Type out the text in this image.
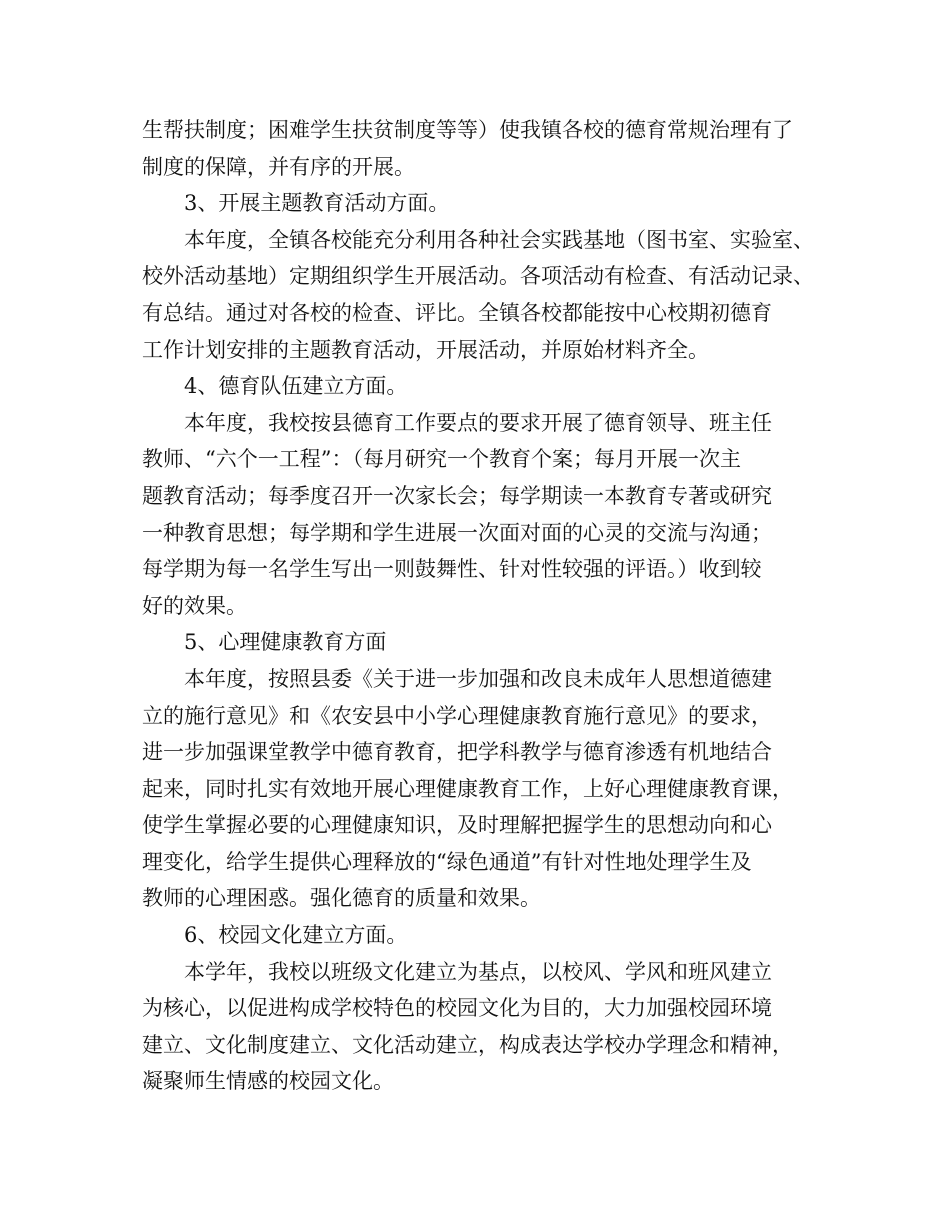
生帮扶制度；困难学生扶贫制度等等）使我镇各校的德育常规治理有了
制度的保障，并有序的开展。
3、开展主题教育活动方面。
本年度，全镇各校能充分利用各种社会实践基地（图书室、实验室、
校外活动基地）定期组织学生开展活动。各项活动有检查、有活动记录、
有总结。通过对各校的检查、评比。全镇各校都能按中心校期初德育
工作计划安排的主题教育活动，开展活动，并原始材料齐全。
4、德育队伍建立方面。
本年度，我校按县德育工作要点的要求开展了德育领导、班主任
教师、“六个一工程”：（每月研究一个教育个案；每月开展一次主
题教育活动；每季度召开一次家长会；每学期读一本教育专著或研究
一种教育思想；每学期和学生进展一次面对面的心灵的交流与沟通；
每学期为每一名学生写出一则鼓舞性、针对性较强的评语。）收到较
好的效果。
5、心理健康教育方面
本年度，按照县委《关于进一步加强和改良未成年人思想道德建
立的施行意见》和《农安县中小学心理健康教育施行意见》的要求，
进一步加强课堂教学中德育教育，把学科教学与德育渗透有机地结合
起来，同时扎实有效地开展心理健康教育工作，上好心理健康教育课，
使学生掌握必要的心理健康知识，及时理解把握学生的思想动向和心
理变化，给学生提供心理释放的“绿色通道”有针对性地处理学生及
教师的心理困惑。强化德育的质量和效果。
6、校园文化建立方面。
本学年，我校以班级文化建立为基点，以校风、学风和班风建立
为核心，以促进构成学校特色的校园文化为目的，大力加强校园环境
建立、文化制度建立、文化活动建立，构成表达学校办学理念和精神，
凝聚师生情感的校园文化。
